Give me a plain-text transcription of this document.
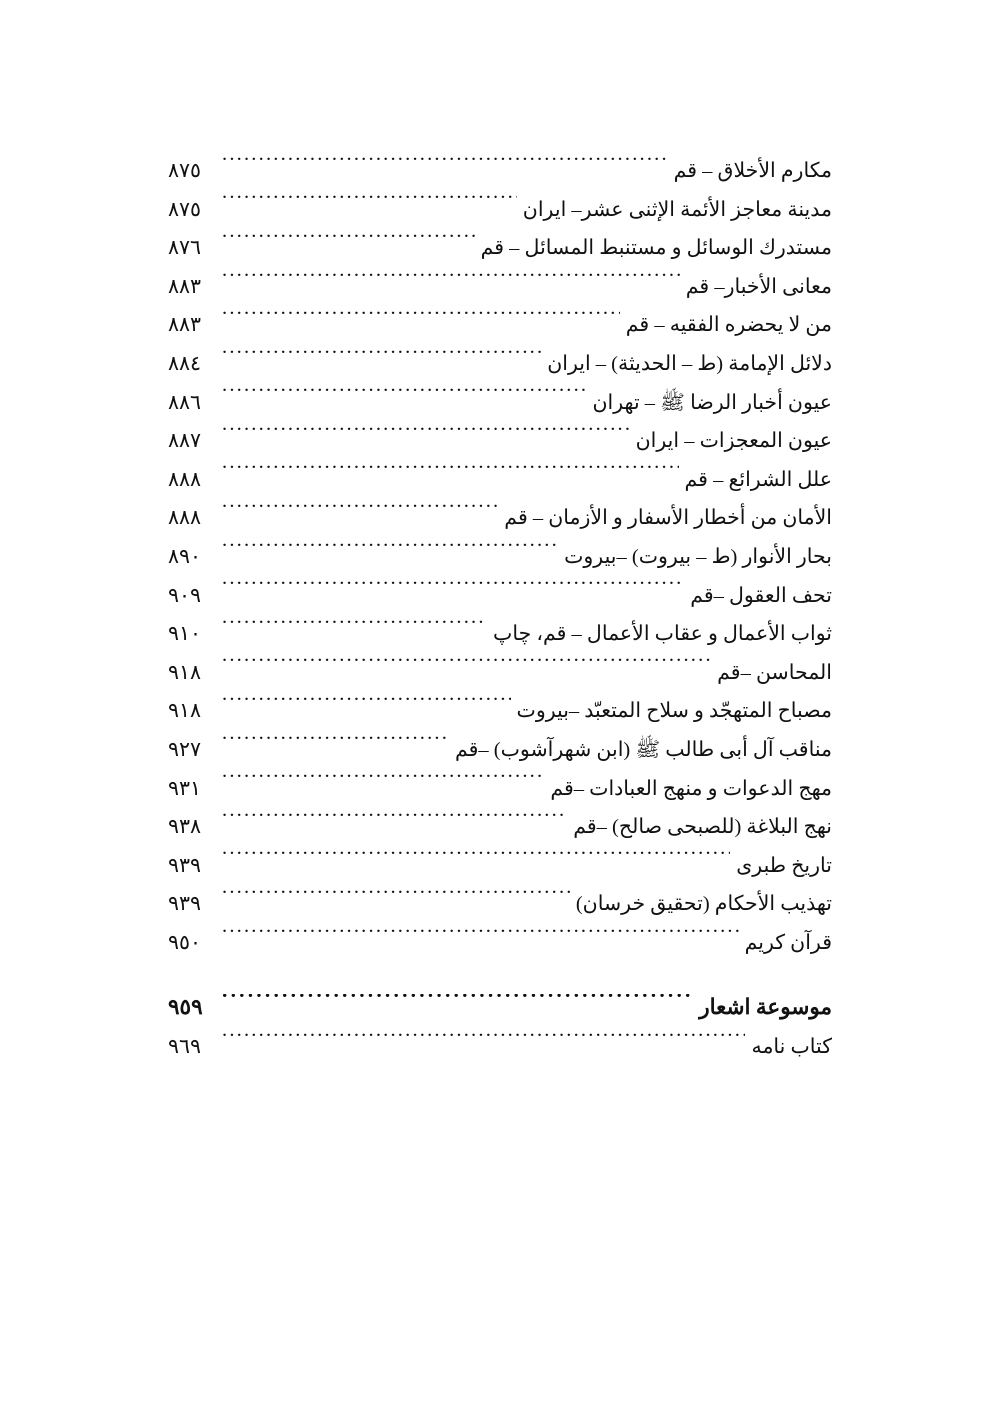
مكارم الأخلاق – قم
.....
٨٧٥
مدينة معاجز الأئمة الإثنى عشر– ايران
.....
٨٧٥
مستدرك الوسائل و مستنبط المسائل – قم
.....
٨٧٦
معانى الأخبار– قم
.....
٨٨٣
من لا يحضره الفقيه – قم
.....
٨٨٣
دلائل الإمامة (ط – الحديثة) – ايران
.....
٨٨٤
عيون أخبار الرضا ﷺ – تهران
.....
٨٨٦
عيون المعجزات – ايران
.....
٨٨٧
علل الشرائع – قم
.....
٨٨٨
الأمان من أخطار الأسفار و الأزمان – قم
.....
٨٨٨
بحار الأنوار (ط – بيروت) –بيروت
.....
٨٩٠
تحف العقول –قم
.....
٩٠٩
ثواب الأعمال و عقاب الأعمال – قم، چاپ
.....
٩١٠
المحاسن –قم
.....
٩١٨
مصباح المتهجّد و سلاح المتعبّد –بيروت
.....
٩١٨
مناقب آل أبى طالب ﷺ (ابن شهرآشوب) –قم
.....
٩٢٧
مهج الدعوات و منهج العبادات –قم
.....
٩٣١
نهج البلاغة (للصبحى صالح) –قم
.....
٩٣٨
تاريخ طبرى
.....
٩٣٩
تهذيب الأحكام (تحقيق خرسان)
.....
٩٣٩
قرآن كريم
.....
٩٥٠
موسوعة اشعار
.....
٩٥٩
كتاب نامه
.....
٩٦٩
